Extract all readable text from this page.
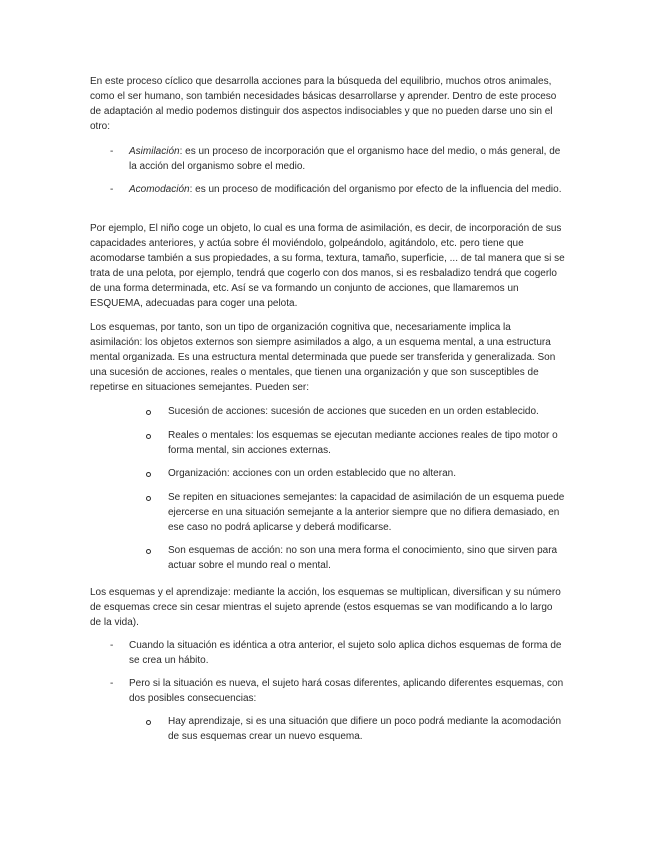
En este proceso cíclico que desarrolla acciones para la búsqueda del equilibrio, muchos otros animales, como el ser humano, son también necesidades básicas desarrollarse y aprender. Dentro de este proceso de adaptación al medio podemos distinguir dos aspectos indisociables y que no pueden darse uno sin el otro:

-	Asimilación: es un proceso de incorporación que el organismo hace del medio, o más general, de la acción del organismo sobre el medio.
-	Acomodación: es un proceso de modificación del organismo por efecto de la influencia del medio.

Por ejemplo, El niño coge un objeto, lo cual es una forma de asimilación, es decir, de incorporación de sus capacidades anteriores, y actúa sobre él moviéndolo, golpeándolo, agitándolo, etc. pero tiene que acomodarse también a sus propiedades, a su forma, textura, tamaño, superficie, ... de tal manera que si se trata de una pelota, por ejemplo, tendrá que cogerlo con dos manos, si es resbaladizo tendrá que cogerlo de una forma determinada, etc. Así se va formando un conjunto de acciones, que llamaremos un ESQUEMA, adecuadas para coger una pelota.

Los esquemas, por tanto, son un tipo de organización cognitiva que, necesariamente implica la asimilación: los objetos externos son siempre asimilados a algo, a un esquema mental, a una estructura mental organizada. Es una estructura mental determinada que puede ser transferida y generalizada. Son una sucesión de acciones, reales o mentales, que tienen una organización y que son susceptibles de repetirse en situaciones semejantes. Pueden ser:

Sucesión de acciones: sucesión de acciones que suceden en un orden establecido.
Reales o mentales: los esquemas se ejecutan mediante acciones reales de tipo motor o forma mental, sin acciones externas.
Organización: acciones con un orden establecido que no alteran.
Se repiten en situaciones semejantes: la capacidad de asimilación de un esquema puede ejercerse en una situación semejante a la anterior siempre que no difiera demasiado, en ese caso no podrá aplicarse y deberá modificarse.
Son esquemas de acción: no son una mera forma el conocimiento, sino que sirven para actuar sobre el mundo real o mental.

Los esquemas y el aprendizaje: mediante la acción, los esquemas se multiplican, diversifican y su número de esquemas crece sin cesar mientras el sujeto aprende (estos esquemas se van modificando a lo largo de la vida).

-	Cuando la situación es idéntica a otra anterior, el sujeto solo aplica dichos esquemas de forma de se crea un hábito.
-	Pero si la situación es nueva, el sujeto hará cosas diferentes, aplicando diferentes esquemas, con dos posibles consecuencias:
Hay aprendizaje, si es una situación que difiere un poco podrá mediante la acomodación de sus esquemas crear un nuevo esquema.
